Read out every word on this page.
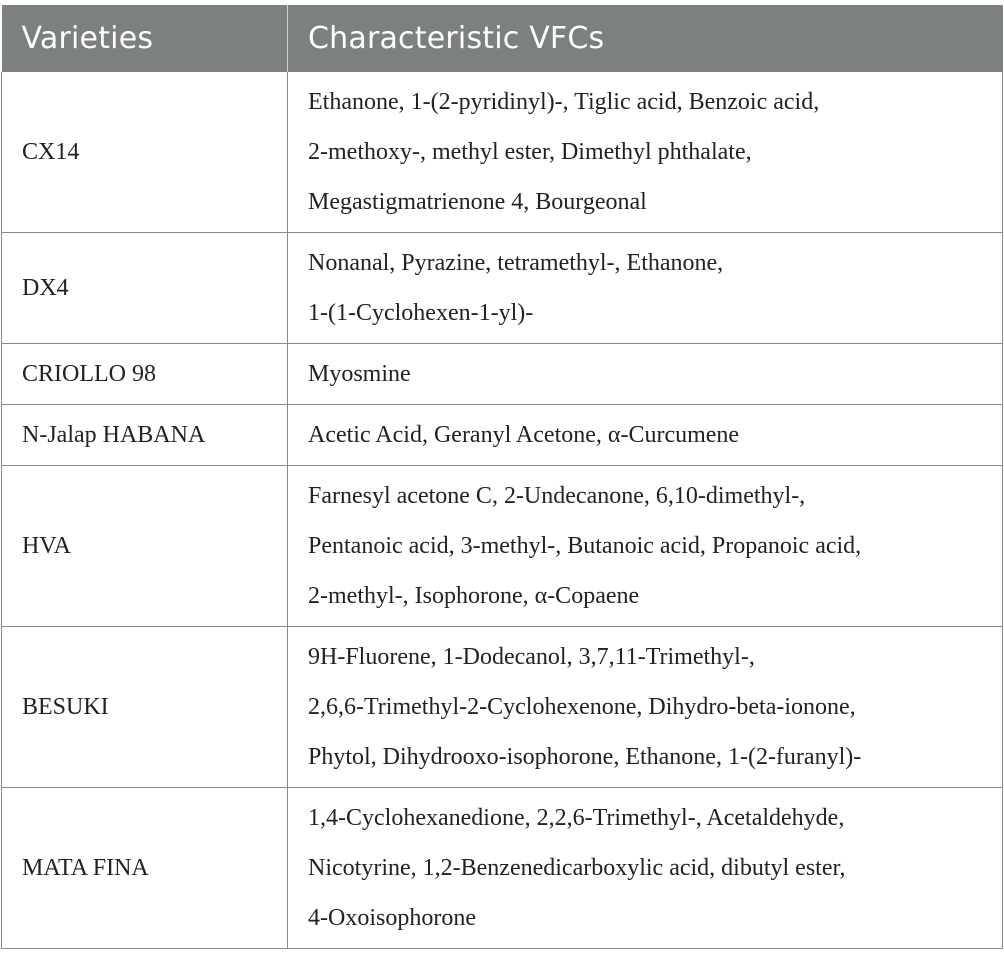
Varieties	Characteristic VFCs
CX14	Ethanone, 1-(2-pyridinyl)-, Tiglic acid, Benzoic acid,
2-methoxy-, methyl ester, Dimethyl phthalate,
Megastigmatrienone 4, Bourgeonal

DX4	Nonanal, Pyrazine, tetramethyl-, Ethanone,
1-(1-Cyclohexen-1-yl)-

CRIOLLO 98	Myosmine

N-Jalap HABANA	Acetic Acid, Geranyl Acetone, α-Curcumene

HVA	Farnesyl acetone C, 2-Undecanone, 6,10-dimethyl-,
Pentanoic acid, 3-methyl-, Butanoic acid, Propanoic acid,
2-methyl-, Isophorone, α-Copaene

BESUKI	9H-Fluorene, 1-Dodecanol, 3,7,11-Trimethyl-,
2,6,6-Trimethyl-2-Cyclohexenone, Dihydro-beta-ionone,
Phytol, Dihydrooxo-isophorone, Ethanone, 1-(2-furanyl)-

MATA FINA	1,4-Cyclohexanedione, 2,2,6-Trimethyl-, Acetaldehyde,
Nicotyrine, 1,2-Benzenedicarboxylic acid, dibutyl ester,
4-Oxoisophorone
